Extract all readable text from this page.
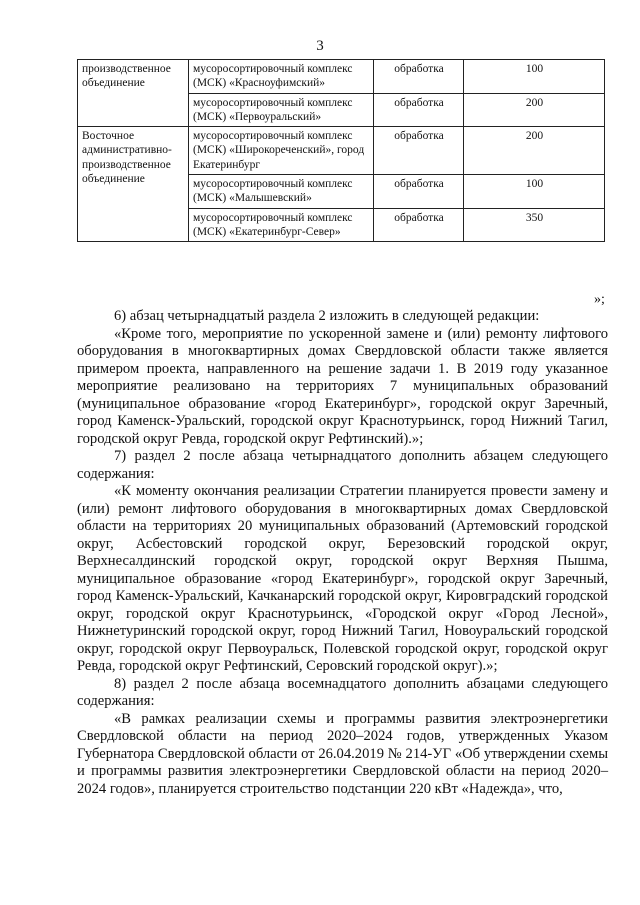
3
производственное объединение	мусоросортировочный комплекс (МСК) «Красноуфимский»	обработка	100
	мусоросортировочный комплекс (МСК) «Первоуральский»	обработка	200
Восточное административно-производственное объединение	мусоросортировочный комплекс (МСК) «Широкореченский», город Екатеринбург	обработка	200
	мусоросортировочный комплекс (МСК) «Малышевский»	обработка	100
	мусоросортировочный комплекс (МСК) «Екатеринбург-Север»	обработка	350
»;

6) абзац четырнадцатый раздела 2 изложить в следующей редакции:

«Кроме того, мероприятие по ускоренной замене и (или) ремонту лифтового оборудования в многоквартирных домах Свердловской области также является примером проекта, направленного на решение задачи 1. В 2019 году указанное мероприятие реализовано на территориях 7 муниципальных образований (муниципальное образование «город Екатеринбург», городской округ Заречный, город Каменск-Уральский, городской округ Краснотурьинск, город Нижний Тагил, городской округ Ревда, городской округ Рефтинский).»;

7) раздел 2 после абзаца четырнадцатого дополнить абзацем следующего содержания:

«К моменту окончания реализации Стратегии планируется провести замену и (или) ремонт лифтового оборудования в многоквартирных домах Свердловской области на территориях 20 муниципальных образований (Артемовский городской округ, Асбестовский городской округ, Березовский городской округ, Верхнесалдинский городской округ, городской округ Верхняя Пышма, муниципальное образование «город Екатеринбург», городской округ Заречный, город Каменск-Уральский, Качканарский городской округ, Кировградский городской округ, городской округ Краснотурьинск, «Городской округ «Город Лесной», Нижнетуринский городской округ, город Нижний Тагил, Новоуральский городской округ, городской округ Первоуральск, Полевской городской округ, городской округ Ревда, городской округ Рефтинский, Серовский городской округ).»;

8) раздел 2 после абзаца восемнадцатого дополнить абзацами следующего содержания:

«В рамках реализации схемы и программы развития электроэнергетики Свердловской области на период 2020–2024 годов, утвержденных Указом Губернатора Свердловской области от 26.04.2019 № 214-УГ «Об утверждении схемы и программы развития электроэнергетики Свердловской области на период 2020–2024 годов», планируется строительство подстанции 220 кВт «Надежда», что,
